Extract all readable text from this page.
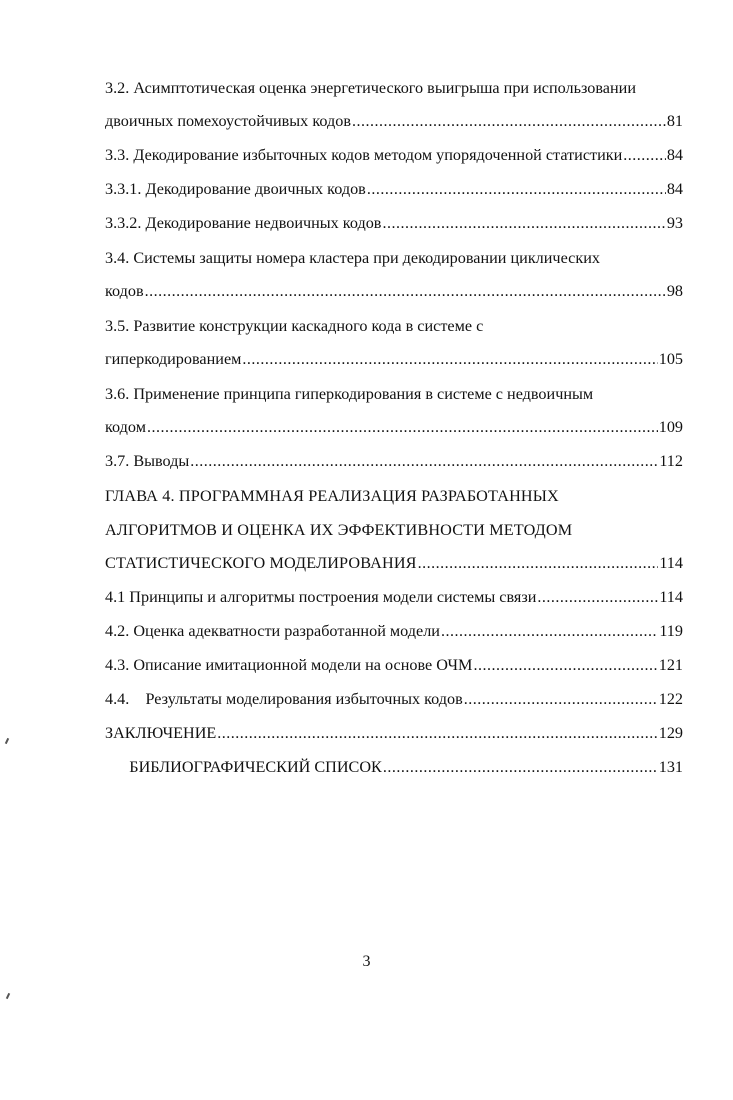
3.2. Асимптотическая оценка энергетического выигрыша при использовании
двоичных помехоустойчивых кодов .....	81
3.3. Декодирование избыточных кодов методом упорядоченной статистики .....	84
3.3.1. Декодирование двоичных кодов .....	84
3.3.2. Декодирование недвоичных кодов .....	93
3.4. Системы защиты номера кластера при декодировании циклических
кодов .....	98
3.5. Развитие конструкции каскадного кода в системе с
гиперкодированием .....	105
3.6. Применение принципа гиперкодирования в системе с недвоичным
кодом .....	109
3.7. Выводы .....	112
ГЛАВА 4. ПРОГРАММНАЯ РЕАЛИЗАЦИЯ РАЗРАБОТАННЫХ
АЛГОРИТМОВ И ОЦЕНКА ИХ ЭФФЕКТИВНОСТИ МЕТОДОМ
СТАТИСТИЧЕСКОГО МОДЕЛИРОВАНИЯ .....	114
4.1 Принципы и алгоритмы построения модели системы связи .....	114
4.2. Оценка адекватности разработанной модели .....	119
4.3. Описание имитационной модели на основе ОЧМ .....	121
4.4.    Результаты моделирования избыточных кодов .....	122
ЗАКЛЮЧЕНИЕ .....	129
БИБЛИОГРАФИЧЕСКИЙ СПИСОК .....	131
3
